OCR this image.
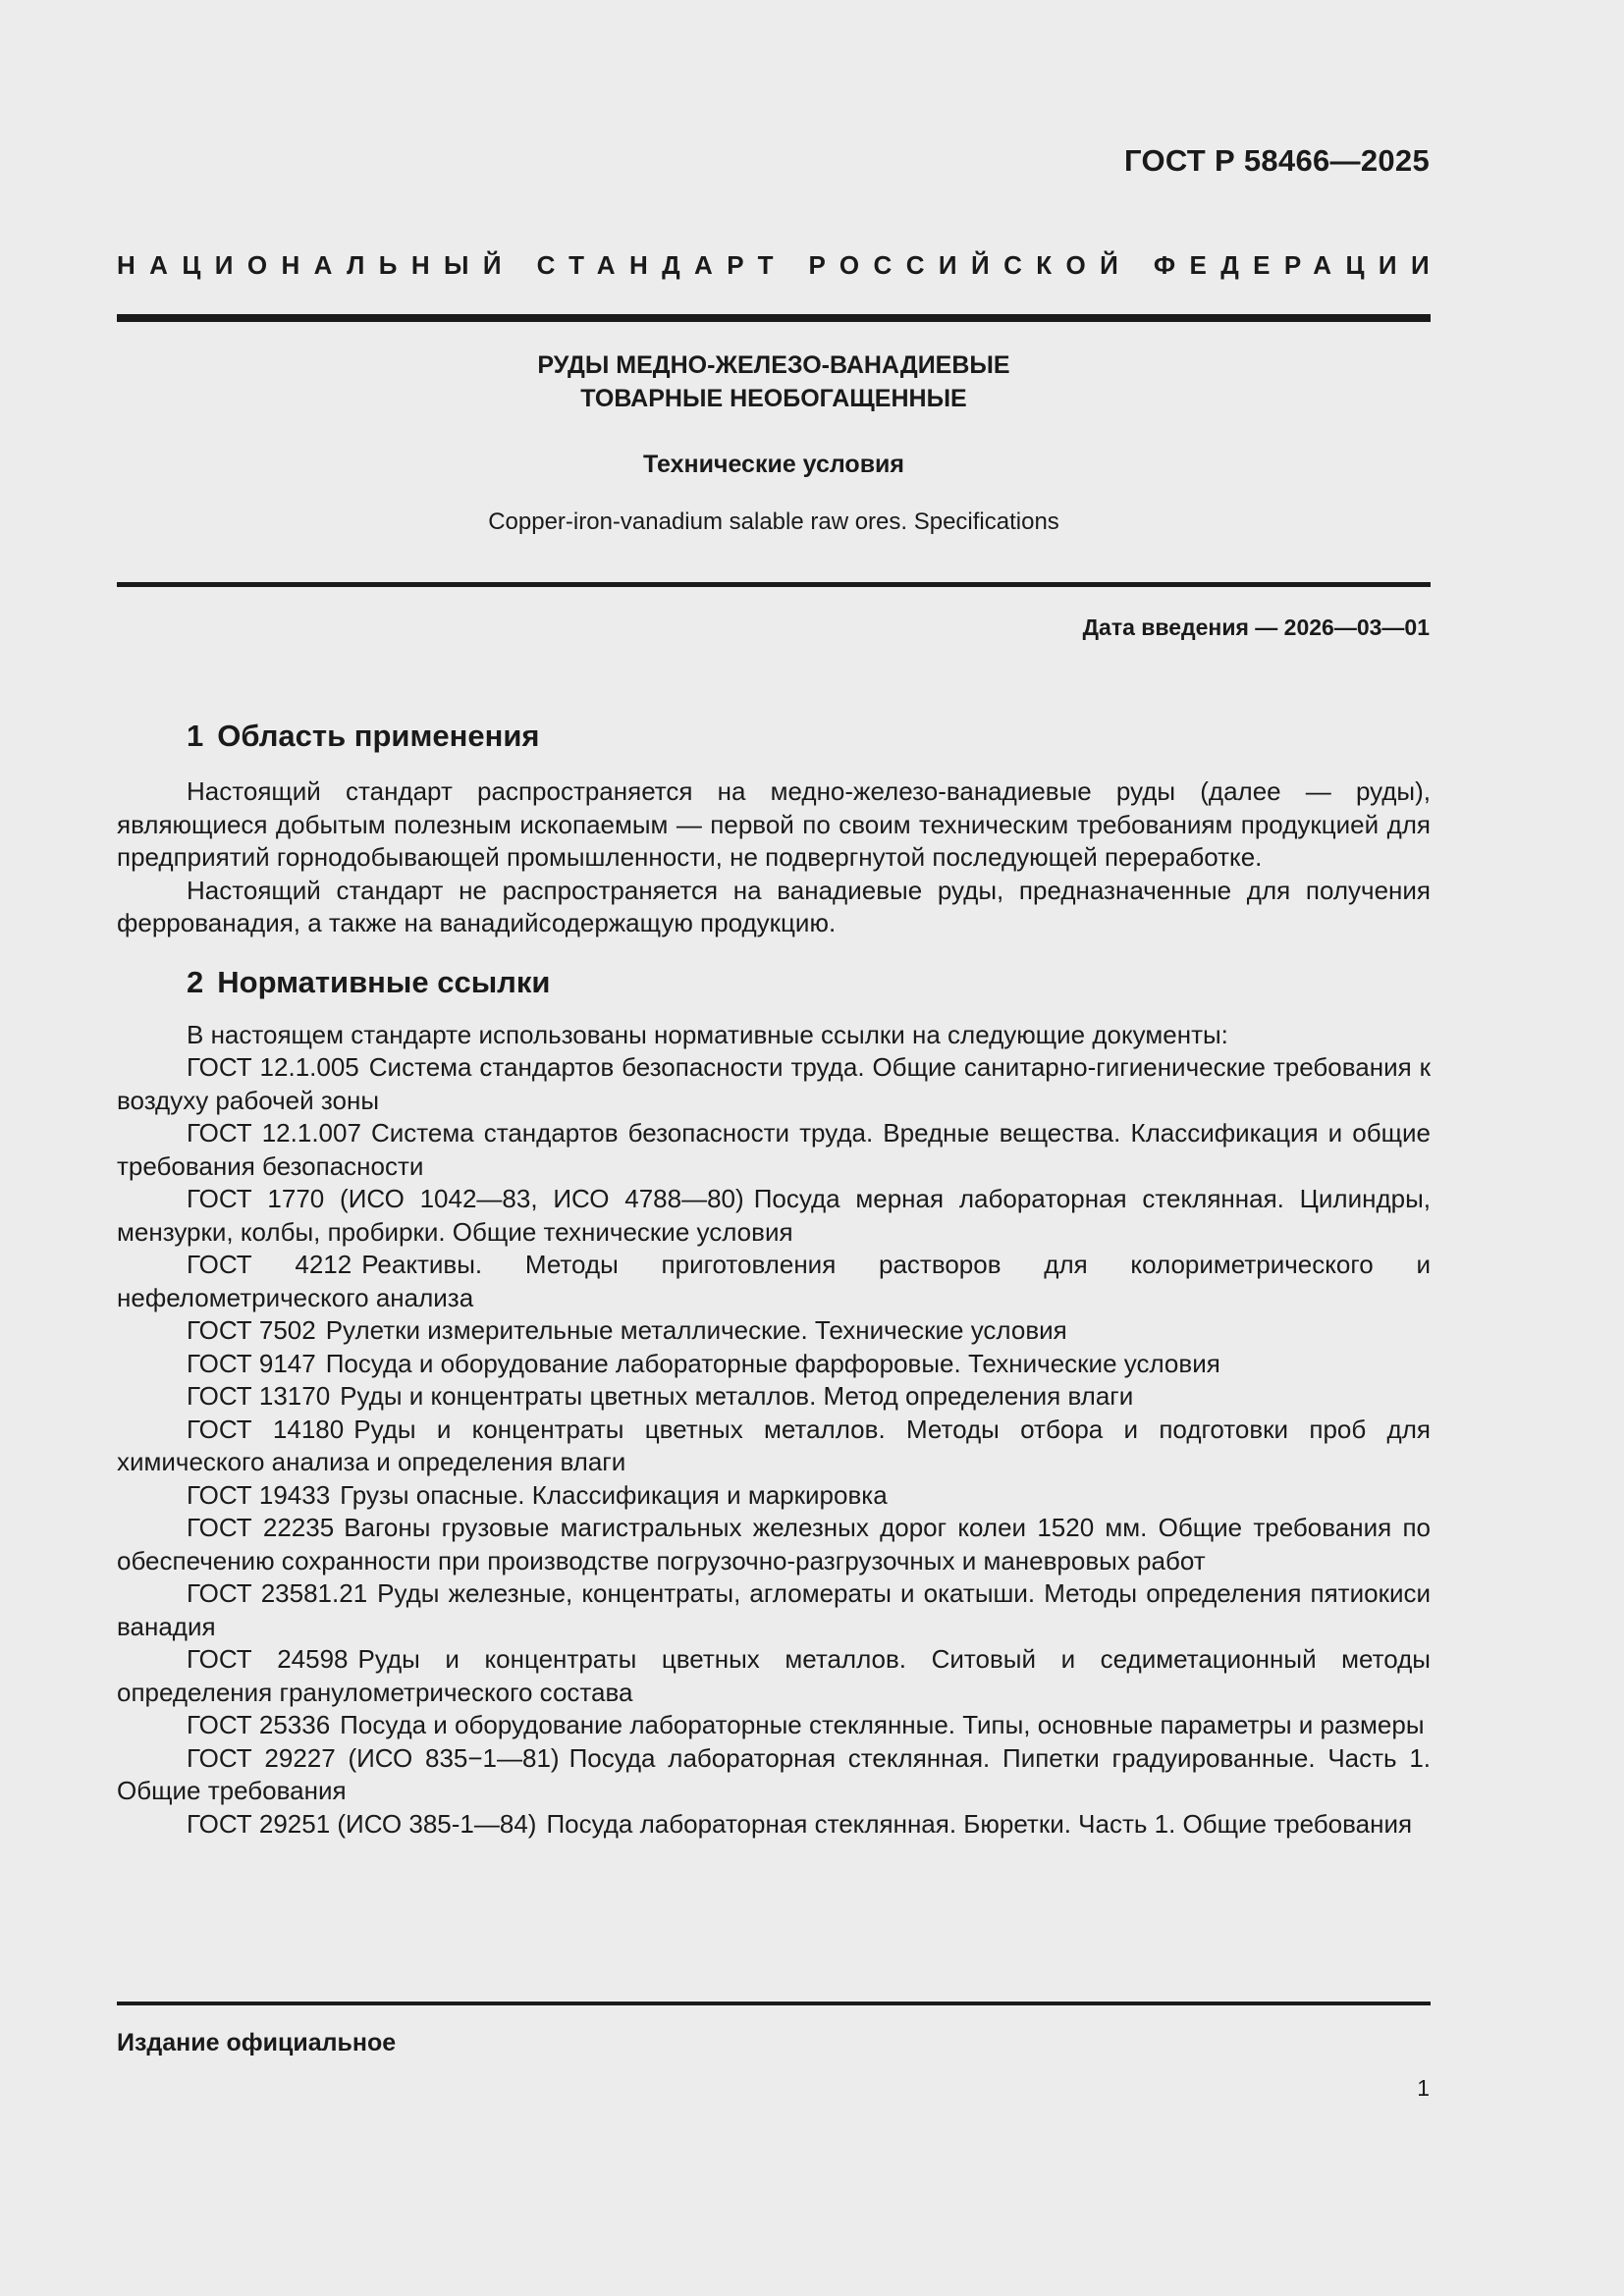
ГОСТ Р 58466—2025
НАЦИОНАЛЬНЫЙ СТАНДАРТ РОССИЙСКОЙ ФЕДЕРАЦИИ
РУДЫ МЕДНО-ЖЕЛЕЗО-ВАНАДИЕВЫЕ
ТОВАРНЫЕ НЕОБОГАЩЕННЫЕ
Технические условия
Copper-iron-vanadium salable raw ores. Specifications
Дата введения — 2026—03—01
1 Область применения
Настоящий стандарт распространяется на медно-железо-ванадиевые руды (далее — руды), являющиеся добытым полезным ископаемым — первой по своим техническим требованиям продукцией для предприятий горнодобывающей промышленности, не подвергнутой последующей переработке.
Настоящий стандарт не распространяется на ванадиевые руды, предназначенные для получения феррованадия, а также на ванадийсодержащую продукцию.
2 Нормативные ссылки
В настоящем стандарте использованы нормативные ссылки на следующие документы:
ГОСТ 12.1.005 Система стандартов безопасности труда. Общие санитарно-гигиенические требования к воздуху рабочей зоны
ГОСТ 12.1.007 Система стандартов безопасности труда. Вредные вещества. Классификация и общие требования безопасности
ГОСТ 1770 (ИСО 1042—83, ИСО 4788—80) Посуда мерная лабораторная стеклянная. Цилиндры, мензурки, колбы, пробирки. Общие технические условия
ГОСТ 4212 Реактивы. Методы приготовления растворов для колориметрического и нефелометрического анализа
ГОСТ 7502 Рулетки измерительные металлические. Технические условия
ГОСТ 9147 Посуда и оборудование лабораторные фарфоровые. Технические условия
ГОСТ 13170 Руды и концентраты цветных металлов. Метод определения влаги
ГОСТ 14180 Руды и концентраты цветных металлов. Методы отбора и подготовки проб для химического анализа и определения влаги
ГОСТ 19433 Грузы опасные. Классификация и маркировка
ГОСТ 22235 Вагоны грузовые магистральных железных дорог колеи 1520 мм. Общие требования по обеспечению сохранности при производстве погрузочно-разгрузочных и маневровых работ
ГОСТ 23581.21 Руды железные, концентраты, агломераты и окатыши. Методы определения пятиокиси ванадия
ГОСТ 24598 Руды и концентраты цветных металлов. Ситовый и седиметационный методы определения гранулометрического состава
ГОСТ 25336 Посуда и оборудование лабораторные стеклянные. Типы, основные параметры и размеры
ГОСТ 29227 (ИСО 835−1—81) Посуда лабораторная стеклянная. Пипетки градуированные. Часть 1. Общие требования
ГОСТ 29251 (ИСО 385-1—84) Посуда лабораторная стеклянная. Бюретки. Часть 1. Общие требования
Издание официальное
1
